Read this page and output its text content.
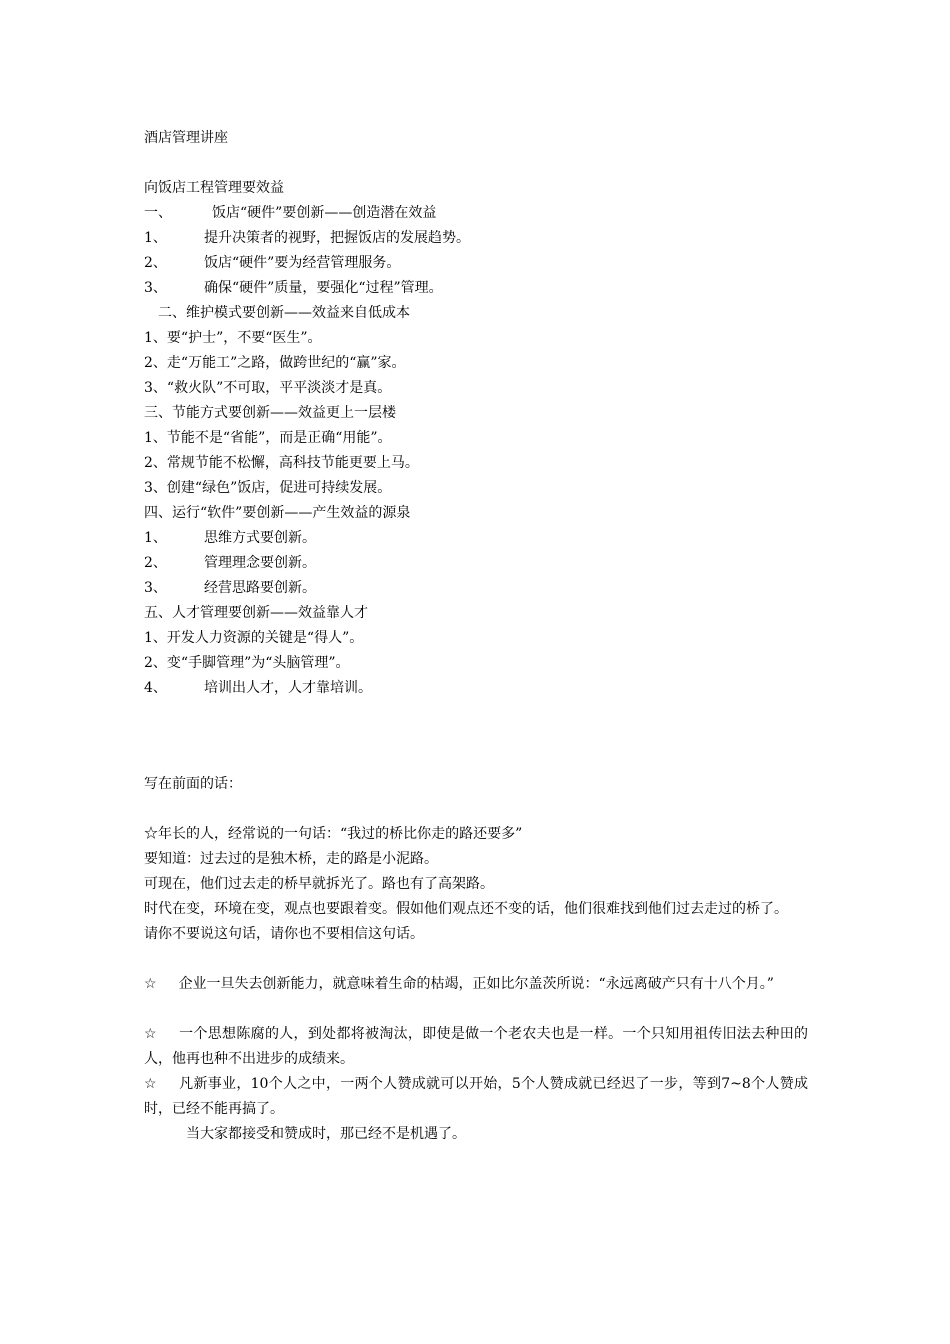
酒店管理讲座
向饭店工程管理要效益
一、	饭店“硬件”要创新——创造潜在效益
1、	提升决策者的视野，把握饭店的发展趋势。
2、	饭店“硬件”要为经营管理服务。
3、	确保“硬件”质量，要强化“过程”管理。
二、维护模式要创新——效益来自低成本
1、要“护士”，不要“医生”。
2、走“万能工”之路，做跨世纪的“赢”家。
3、“救火队”不可取，平平淡淡才是真。
三、节能方式要创新——效益更上一层楼
1、节能不是“省能”，而是正确“用能”。
2、常规节能不松懈，高科技节能更要上马。
3、创建“绿色”饭店，促进可持续发展。
四、运行“软件”要创新——产生效益的源泉
1、	思维方式要创新。
2、	管理理念要创新。
3、	经营思路要创新。
五、人才管理要创新——效益靠人才
1、开发人力资源的关键是“得人”。
2、变“手脚管理”为“头脑管理”。
4、	培训出人才，人才靠培训。
写在前面的话：
☆年长的人，经常说的一句话：“我过的桥比你走的路还要多”
要知道：过去过的是独木桥，走的路是小泥路。
可现在，他们过去走的桥早就拆光了。路也有了高架路。
时代在变，环境在变，观点也要跟着变。假如他们观点还不变的话，他们很难找到他们过去走过的桥了。
请你不要说这句话，请你也不要相信这句话。
☆ 企业一旦失去创新能力，就意味着生命的枯竭，正如比尔盖茨所说：“永远离破产只有十八个月。”
☆ 一个思想陈腐的人，到处都将被淘汰，即使是做一个老农夫也是一样。一个只知用祖传旧法去种田的人，他再也种不出进步的成绩来。
☆ 凡新事业，10个人之中，一两个人赞成就可以开始，5个人赞成就已经迟了一步，等到7~8个人赞成时，已经不能再搞了。
当大家都接受和赞成时，那已经不是机遇了。
